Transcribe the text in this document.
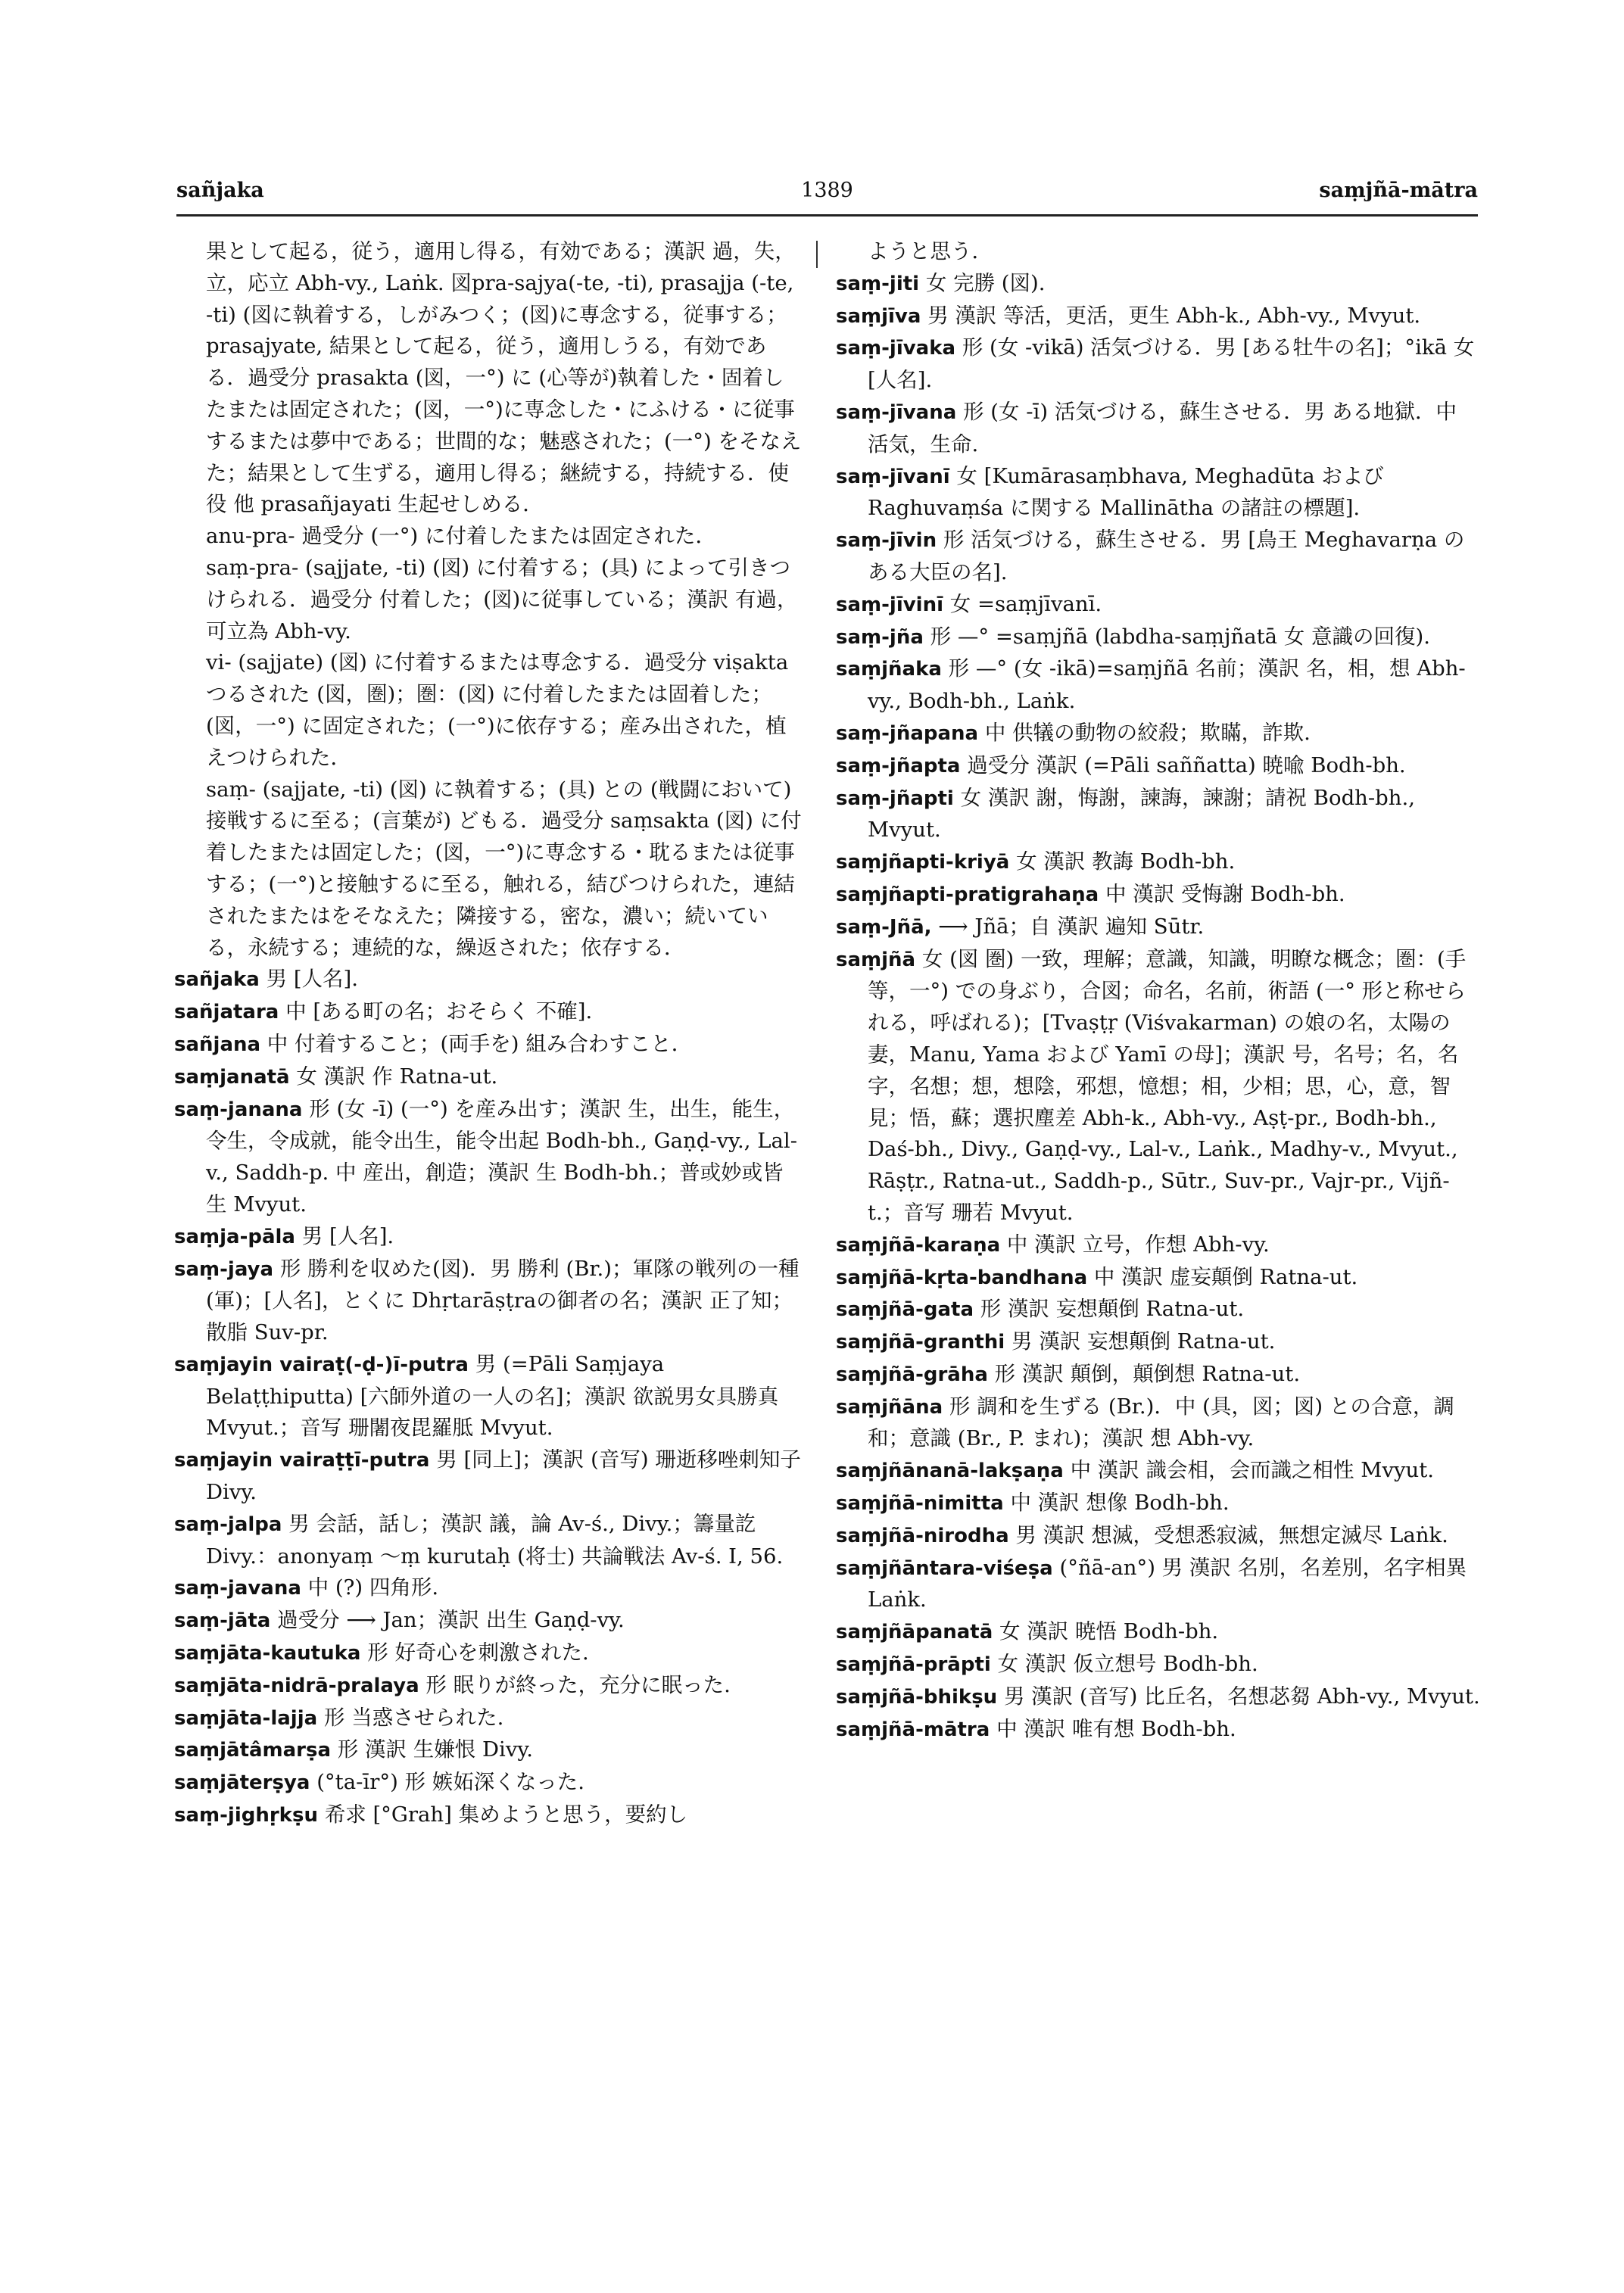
sañjaka	1389	saṃjñā-mātra

果として起る，従う，適用し得る，有効である；漢訳 過，失，立，応立 Abh-vy., Laṅk. 図pra-sajya(-te, -ti), prasajja (-te, -ti) (図に執着する，しがみつく；(図)に専念する，従事する；prasajyate, 結果として起る，従う，適用しうる，有効である．過受分 prasakta (図，一°) に (心等が)執着した・固着したまたは固定された；(図，一°)に専念した・にふける・に従事するまたは夢中である；世間的な；魅惑された；(一°) をそなえた；結果として生ずる，適用し得る；継続する，持続する．使役 他 prasañjayati 生起せしめる．

anu-pra- 過受分 (一°) に付着したまたは固定された．

saṃ-pra- (sajjate, -ti) (図) に付着する；(具) によって引きつけられる．過受分 付着した；(図)に従事している；漢訳 有過，可立為 Abh-vy.

vi- (sajjate) (図) に付着するまたは専念する．過受分 viṣakta つるされた (図，圏)；圏：(図) に付着したまたは固着した；(図，一°) に固定された；(一°)に依存する；産み出された，植えつけられた．

saṃ- (sajjate, -ti) (図) に執着する；(具) との (戦闘において) 接戦するに至る；(言葉が) どもる．過受分 saṃsakta (図) に付着したまたは固定した；(図，一°)に専念する・耽るまたは従事する；(一°)と接触するに至る，触れる，結びつけられた，連結されたまたはをそなえた；隣接する，密な，濃い；続いている，永続する；連続的な，繰返された；依存する．

sañjaka 男 [人名].

sañjatara 中 [ある町の名；おそらく 不確].

sañjana 中 付着すること；(両手を) 組み合わすこと．

saṃjanatā 女 漢訳 作 Ratna-ut.

saṃ-janana 形 (女 -ī) (一°) を産み出す；漢訳 生，出生，能生，令生，令成就，能令出生，能令出起 Bodh-bh., Gaṇḍ-vy., Lal-v., Saddh-p. 中 産出，創造；漢訳 生 Bodh-bh.；普或妙或皆生 Mvyut.

saṃja-pāla 男 [人名].

saṃ-jaya 形 勝利を収めた(図)．男 勝利 (Br.)；軍隊の戦列の一種 (軍)；[人名]，とくに Dhṛtarāṣṭraの御者の名；漢訳 正了知；散脂 Suv-pr.

saṃjayin vairaṭ(-ḍ-)ī-putra 男 (=Pāli Saṃjaya Belaṭṭhiputta) [六師外道の一人の名]；漢訳 欲説男女具勝真 Mvyut.；音写 珊闍夜毘羅胝 Mvyut.

saṃjayin vairaṭṭī-putra 男 [同上]；漢訳 (音写) 珊逝移唑刺知子 Divy.

saṃ-jalpa 男 会話，話し；漢訳 議，論 Av-ś., Divy.；籌量訖 Divy.：anonyaṃ ～ṃ kurutaḥ (将士) 共論戦法 Av-ś. I, 56.

saṃ-javana 中 (?) 四角形.

saṃ-jāta 過受分 ⟶ Jan；漢訳 出生 Gaṇḍ-vy.

saṃjāta-kautuka 形 好奇心を刺激された.

saṃjāta-nidrā-pralaya 形 眠りが終った，充分に眠った.

saṃjāta-lajja 形 当惑させられた.

saṃjātâmarṣa 形 漢訳 生嫌恨 Divy.

saṃjāterṣya (°ta-īr°) 形 嫉妬深くなった.

saṃ-jighṛkṣu 希求 [°Grah] 集めようと思う，要約し

ようと思う．

saṃ-jiti 女 完勝 (図).

saṃjīva 男 漢訳 等活，更活，更生 Abh-k., Abh-vy., Mvyut.

saṃ-jīvaka 形 (女 -vikā) 活気づける．男 [ある牡牛の名]；°ikā 女 [人名].

saṃ-jīvana 形 (女 -ī) 活気づける，蘇生させる．男 ある地獄．中 活気，生命.

saṃ-jīvanī 女 [Kumārasaṃbhava, Meghadūta および Raghuvaṃśa に関する Mallinātha の諸註の標題].

saṃ-jīvin 形 活気づける，蘇生させる．男 [鳥王 Meghavarṇa のある大臣の名].

saṃ-jīvinī 女 =saṃjīvanī.

saṃ-jña 形 —° =saṃjñā (labdha-saṃjñatā 女 意識の回復).

saṃjñaka 形 —° (女 -ikā)=saṃjñā 名前；漢訳 名，相，想 Abh-vy., Bodh-bh., Laṅk.

saṃ-jñapana 中 供犠の動物の絞殺；欺瞞，詐欺.

saṃ-jñapta 過受分 漢訳 (=Pāli saññatta) 暁喩 Bodh-bh.

saṃ-jñapti 女 漢訳 謝，悔謝，諫誨，諫謝；請祝 Bodh-bh., Mvyut.

saṃjñapti-kriyā 女 漢訳 教誨 Bodh-bh.

saṃjñapti-pratigrahaṇa 中 漢訳 受悔謝 Bodh-bh.

saṃ-Jñā, ⟶ Jñā；自 漢訳 遍知 Sūtr.

saṃjñā 女 (図 圏) 一致，理解；意識，知識，明瞭な概念；圏：(手等，一°) での身ぶり，合図；命名，名前，術語 (一° 形と称せられる，呼ばれる)；[Tvaṣṭṛ (Viśvakarman) の娘の名，太陽の妻，Manu, Yama および Yamī の母]；漢訳 号，名号；名，名字，名想；想，想陰，邪想，憶想；相，少相；思，心，意，智見；悟，蘇；選択塵差 Abh-k., Abh-vy., Aṣṭ-pr., Bodh-bh., Daś-bh., Divy., Gaṇḍ-vy., Lal-v., Laṅk., Madhy-v., Mvyut., Rāṣṭr., Ratna-ut., Saddh-p., Sūtr., Suv-pr., Vajr-pr., Vijñ-t.；音写 珊若 Mvyut.

saṃjñā-karaṇa 中 漢訳 立号，作想 Abh-vy.

saṃjñā-kṛta-bandhana 中 漢訳 虚妄顛倒 Ratna-ut.

saṃjñā-gata 形 漢訳 妄想顛倒 Ratna-ut.

saṃjñā-granthi 男 漢訳 妄想顛倒 Ratna-ut.

saṃjñā-grāha 形 漢訳 顛倒，顛倒想 Ratna-ut.

saṃjñāna 形 調和を生ずる (Br.)．中 (具，図；図) との合意，調和；意識 (Br., P. まれ)；漢訳 想 Abh-vy.

saṃjñānanā-lakṣaṇa 中 漢訳 識会相，会而識之相性 Mvyut.

saṃjñā-nimitta 中 漢訳 想像 Bodh-bh.

saṃjñā-nirodha 男 漢訳 想滅，受想悉寂滅，無想定滅尽 Laṅk.

saṃjñāntara-viśeṣa (°ñā-an°) 男 漢訳 名別，名差別，名字相異 Laṅk.

saṃjñāpanatā 女 漢訳 暁悟 Bodh-bh.

saṃjñā-prāpti 女 漢訳 仮立想号 Bodh-bh.

saṃjñā-bhikṣu 男 漢訳 (音写) 比丘名，名想苾芻 Abh-vy., Mvyut.

saṃjñā-mātra 中 漢訳 唯有想 Bodh-bh.
